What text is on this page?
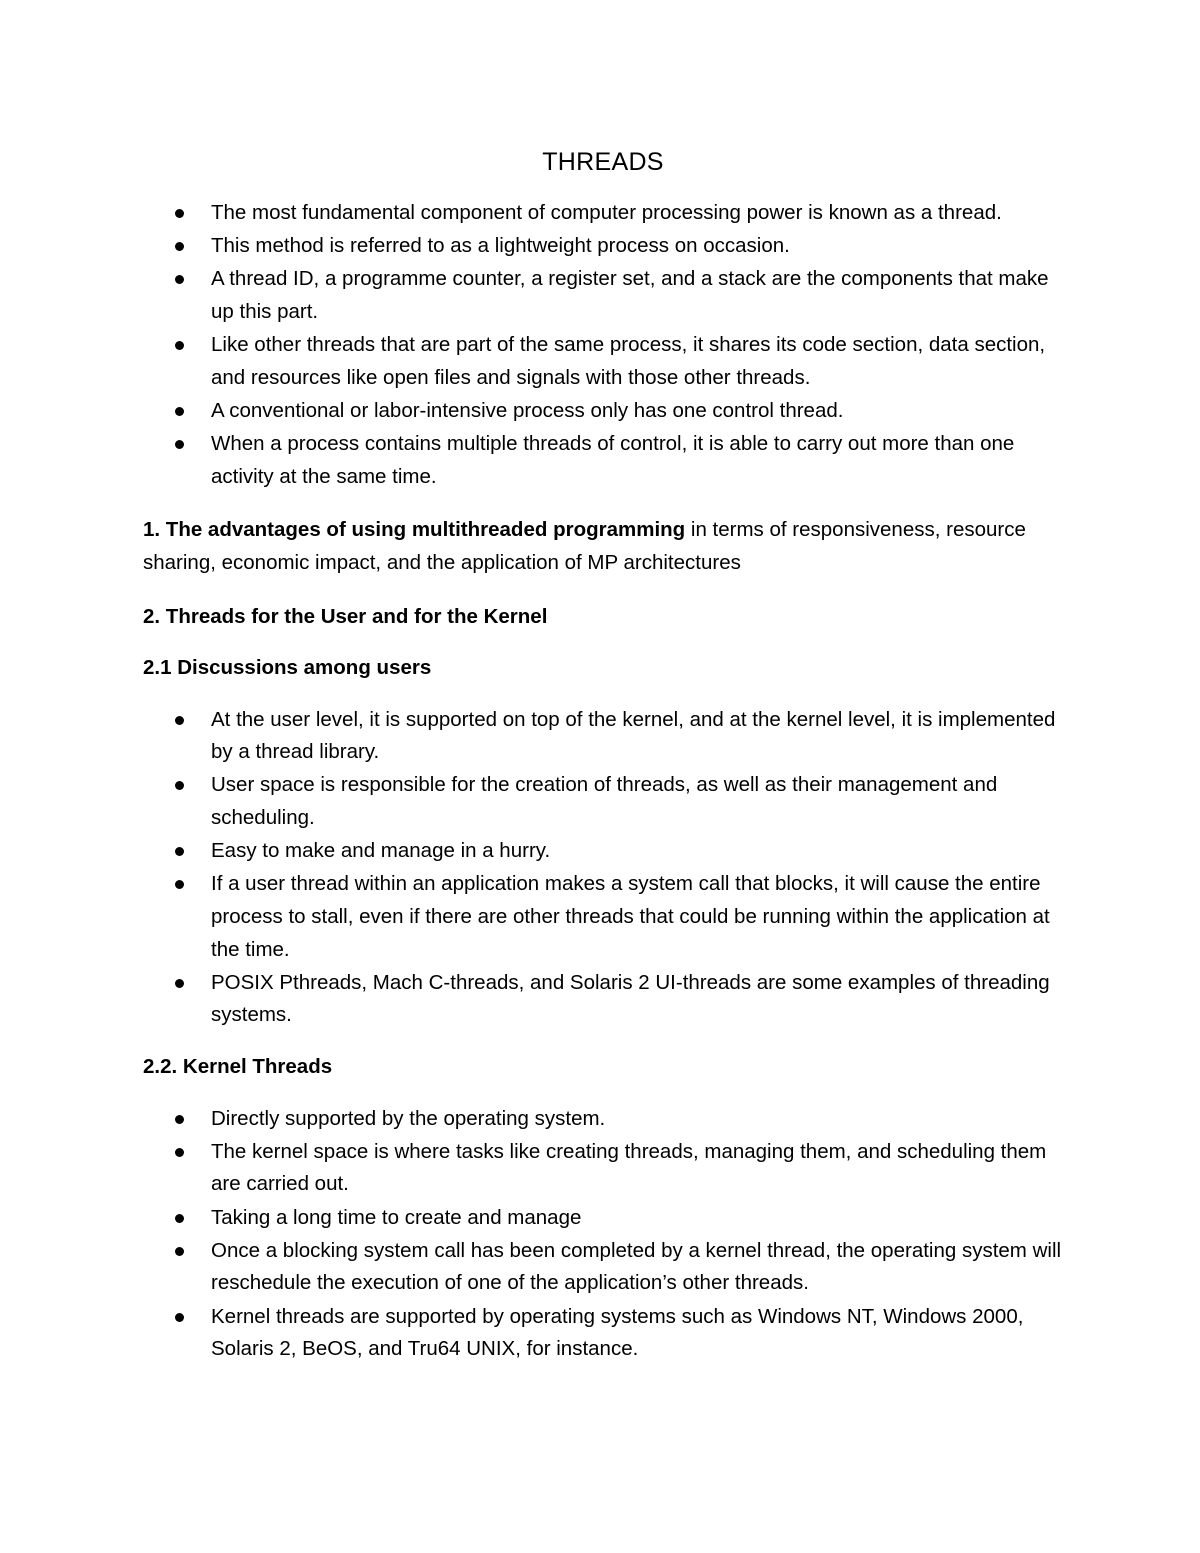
THREADS
The most fundamental component of computer processing power is known as a thread.
This method is referred to as a lightweight process on occasion.
A thread ID, a programme counter, a register set, and a stack are the components that make up this part.
Like other threads that are part of the same process, it shares its code section, data section, and resources like open files and signals with those other threads.
A conventional or labor-intensive process only has one control thread.
When a process contains multiple threads of control, it is able to carry out more than one activity at the same time.

1. The advantages of using multithreaded programming in terms of responsiveness, resource sharing, economic impact, and the application of MP architectures

2. Threads for the User and for the Kernel
2.1 Discussions among users
At the user level, it is supported on top of the kernel, and at the kernel level, it is implemented by a thread library.
User space is responsible for the creation of threads, as well as their management and scheduling.
Easy to make and manage in a hurry.
If a user thread within an application makes a system call that blocks, it will cause the entire process to stall, even if there are other threads that could be running within the application at the time.
POSIX Pthreads, Mach C-threads, and Solaris 2 UI-threads are some examples of threading systems.
2.2. Kernel Threads
Directly supported by the operating system.
The kernel space is where tasks like creating threads, managing them, and scheduling them are carried out.
Taking a long time to create and manage
Once a blocking system call has been completed by a kernel thread, the operating system will reschedule the execution of one of the application’s other threads.
Kernel threads are supported by operating systems such as Windows NT, Windows 2000, Solaris 2, BeOS, and Tru64 UNIX, for instance.
